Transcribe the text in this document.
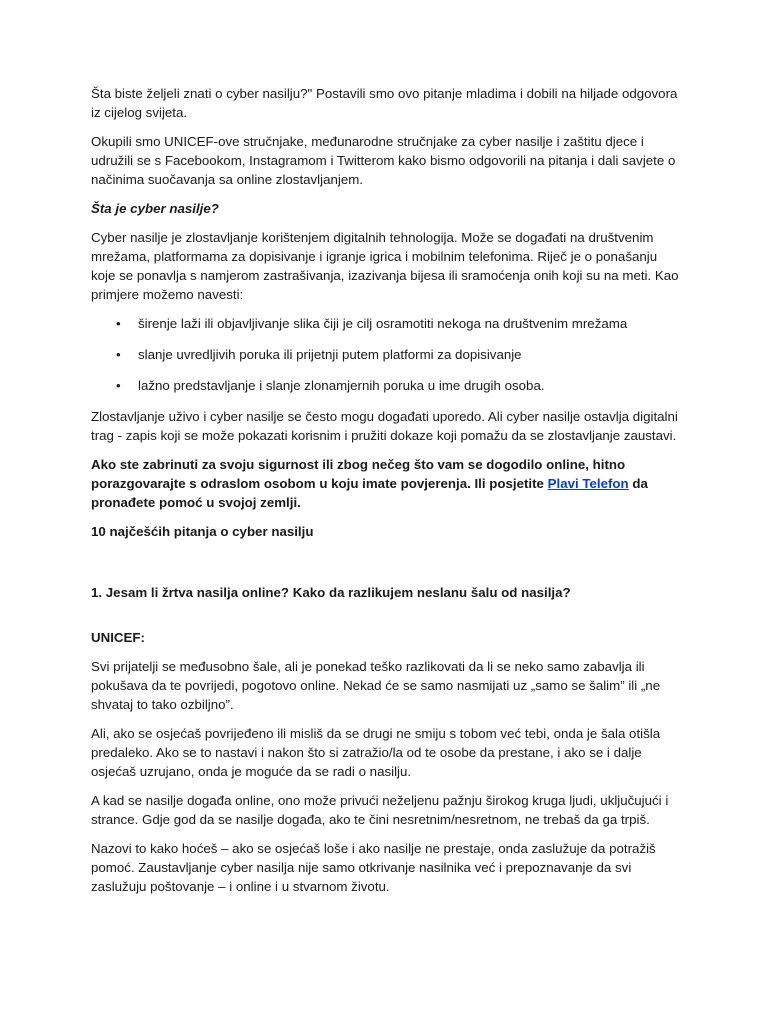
Šta biste željeli znati o cyber nasilju?" Postavili smo ovo pitanje mladima i dobili na hiljade odgovora iz cijelog svijeta.

Okupili smo UNICEF-ove stručnjake, međunarodne stručnjake za cyber nasilje i zaštitu djece i udružili se s Facebookom, Instagramom i Twitterom kako bismo odgovorili na pitanja i dali savjete o načinima suočavanja sa online zlostavljanjem.

Šta je cyber nasilje?

Cyber nasilje je zlostavljanje korištenjem digitalnih tehnologija. Može se događati na društvenim mrežama, platformama za dopisivanje i igranje igrica i mobilnim telefonima. Riječ je o ponašanju koje se ponavlja s namjerom zastrašivanja, izazivanja bijesa ili sramoćenja onih koji su na meti. Kao primjere možemo navesti:

• širenje laži ili objavljivanje slika čiji je cilj osramotiti nekoga na društvenim mrežama
• slanje uvredljivih poruka ili prijetnji putem platformi za dopisivanje
• lažno predstavljanje i slanje zlonamjernih poruka u ime drugih osoba.

Zlostavljanje uživo i cyber nasilje se često mogu događati uporedo. Ali cyber nasilje ostavlja digitalni trag - zapis koji se može pokazati korisnim i pružiti dokaze koji pomažu da se zlostavljanje zaustavi.

Ako ste zabrinuti za svoju sigurnost ili zbog nečeg što vam se dogodilo online, hitno porazgovarajte s odraslom osobom u koju imate povjerenja. Ili posjetite Plavi Telefon da pronađete pomoć u svojoj zemlji.

10 najčešćih pitanja o cyber nasilju

1. Jesam li žrtva nasilja online? Kako da razlikujem neslanu šalu od nasilja?

UNICEF:

Svi prijatelji se međusobno šale, ali je ponekad teško razlikovati da li se neko samo zabavlja ili pokušava da te povrijedi, pogotovo online. Nekad će se samo nasmijati uz „samo se šalim” ili „ne shvataj to tako ozbiljno”.

Ali, ako se osjećaš povrijeđeno ili misliš da se drugi ne smiju s tobom već tebi, onda je šala otišla predaleko. Ako se to nastavi i nakon što si zatražio/la od te osobe da prestane, i ako se i dalje osjećaš uzrujano, onda je moguće da se radi o nasilju.

A kad se nasilje događa online, ono može privući neželjenu pažnju širokog kruga ljudi, uključujući i strance. Gdje god da se nasilje događa, ako te čini nesretnim/nesretnom, ne trebaš da ga trpiš.

Nazovi to kako hoćeš – ako se osjećaš loše i ako nasilje ne prestaje, onda zaslužuje da potražiš pomoć. Zaustavljanje cyber nasilja nije samo otkrivanje nasilnika već i prepoznavanje da svi zaslužuju poštovanje – i online i u stvarnom životu.
